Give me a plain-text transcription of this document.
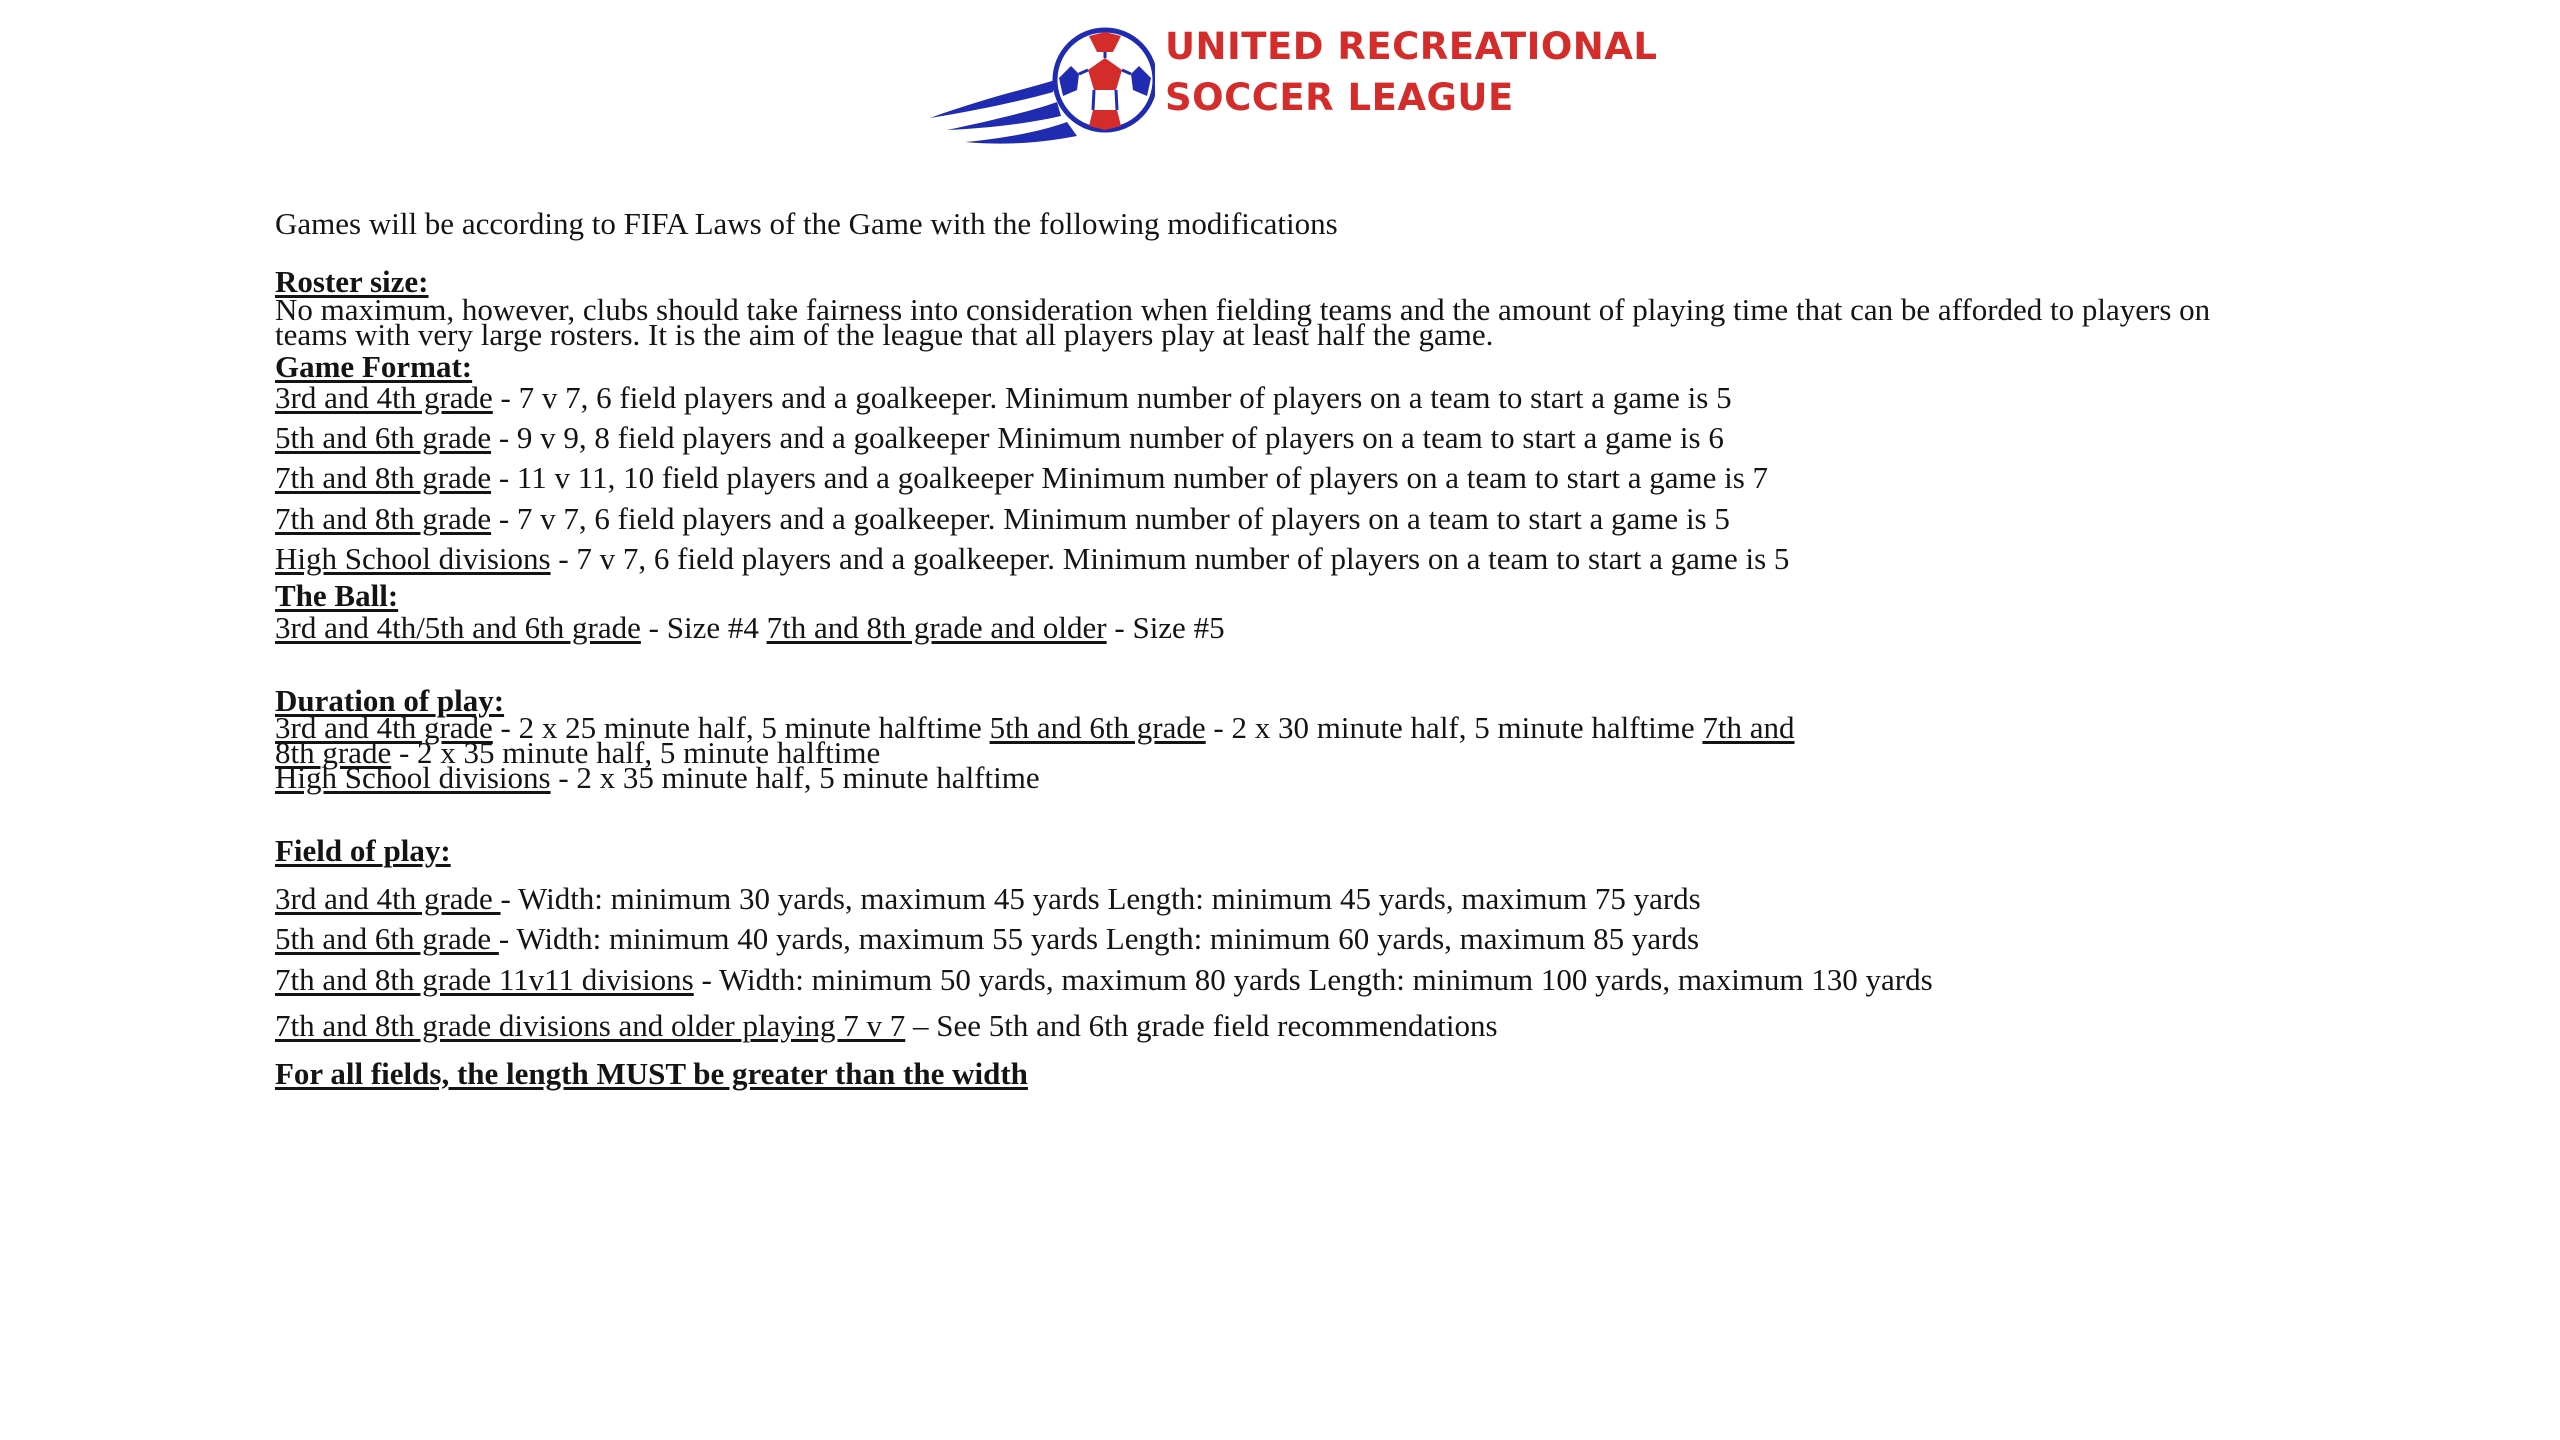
UNITED RECREATIONAL
SOCCER LEAGUE
Games will be according to FIFA Laws of the Game with the following modifications
Roster size:
No maximum, however, clubs should take fairness into consideration when fielding teams and the amount of playing time that can be afforded to players on
teams with very large rosters. It is the aim of the league that all players play at least half the game.
Game Format:
3rd and 4th grade - 7 v 7, 6 field players and a goalkeeper. Minimum number of players on a team to start a game is 5
5th and 6th grade - 9 v 9, 8 field players and a goalkeeper Minimum number of players on a team to start a game is 6
7th and 8th grade - 11 v 11, 10 field players and a goalkeeper Minimum number of players on a team to start a game is 7
7th and 8th grade - 7 v 7, 6 field players and a goalkeeper. Minimum number of players on a team to start a game is 5
High School divisions - 7 v 7, 6 field players and a goalkeeper. Minimum number of players on a team to start a game is 5
The Ball:
3rd and 4th/5th and 6th grade - Size #4 7th and 8th grade and older - Size #5
Duration of play:
3rd and 4th grade - 2 x 25 minute half, 5 minute halftime 5th and 6th grade - 2 x 30 minute half, 5 minute halftime 7th and
8th grade - 2 x 35 minute half, 5 minute halftime
High School divisions - 2 x 35 minute half, 5 minute halftime
Field of play:
3rd and 4th grade - Width: minimum 30 yards, maximum 45 yards Length: minimum 45 yards, maximum 75 yards
5th and 6th grade - Width: minimum 40 yards, maximum 55 yards Length: minimum 60 yards, maximum 85 yards
7th and 8th grade 11v11 divisions - Width: minimum 50 yards, maximum 80 yards Length: minimum 100 yards, maximum 130 yards
7th and 8th grade divisions and older playing 7 v 7 – See 5th and 6th grade field recommendations
For all fields, the length MUST be greater than the width
